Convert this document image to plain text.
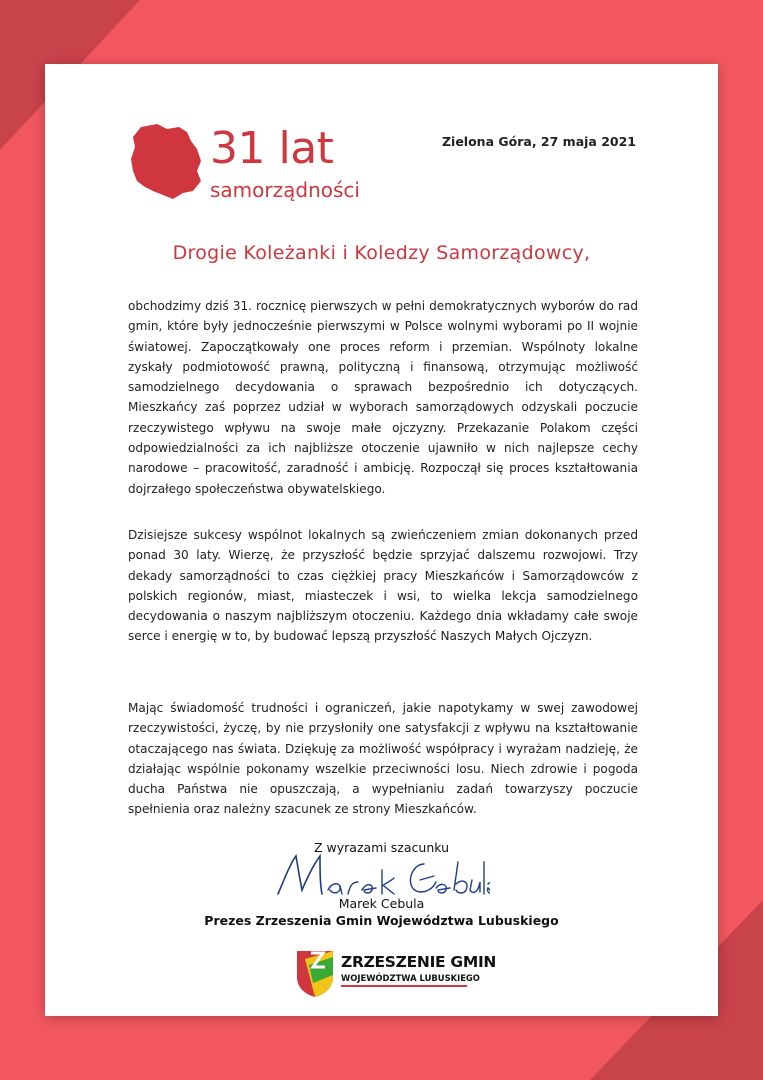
31 lat
samorządności
Zielona Góra, 27 maja 2021
Drogie Koleżanki i Koledzy Samorządowcy,

obchodzimy dziś 31. rocznicę pierwszych w pełni demokratycznych wyborów do rad gmin, które były jednocześnie pierwszymi w Polsce wolnymi wyborami po II wojnie światowej. Zapoczątkowały one proces reform i przemian. Wspólnoty lokalne zyskały podmiotowość prawną, polityczną i finansową, otrzymując możliwość samodzielnego decydowania o sprawach bezpośrednio ich dotyczących. Mieszkańcy zaś poprzez udział w wyborach samorządowych odzyskali poczucie rzeczywistego wpływu na swoje małe ojczyzny. Przekazanie Polakom części odpowiedzialności za ich najbliższe otoczenie ujawniło w nich najlepsze cechy narodowe – pracowitość, zaradność i ambicję. Rozpoczął się proces kształtowania dojrzałego społeczeństwa obywatelskiego.

Dzisiejsze sukcesy wspólnot lokalnych są zwieńczeniem zmian dokonanych przed ponad 30 laty. Wierzę, że przyszłość będzie sprzyjać dalszemu rozwojowi. Trzy dekady samorządności to czas ciężkiej pracy Mieszkańców i Samorządowców z polskich regionów, miast, miasteczek i wsi, to wielka lekcja samodzielnego decydowania o naszym najbliższym otoczeniu. Każdego dnia wkładamy całe swoje serce i energię w to, by budować lepszą przyszłość Naszych Małych Ojczyzn.

Mając świadomość trudności i ograniczeń, jakie napotykamy w swej zawodowej rzeczywistości, życzę, by nie przysłoniły one satysfakcji z wpływu na kształtowanie otaczającego nas świata. Dziękuję za możliwość współpracy i wyrażam nadzieję, że działając wspólnie pokonamy wszelkie przeciwności losu. Niech zdrowie i pogoda ducha Państwa nie opuszczają, a wypełnianiu zadań towarzyszy poczucie spełnienia oraz należny szacunek ze strony Mieszkańców.

Z wyrazami szacunku
Marek Cebula
Prezes Zrzeszenia Gmin Województwa Lubuskiego
ZRZESZENIE GMIN
WOJEWÓDZTWA LUBUSKIEGO
